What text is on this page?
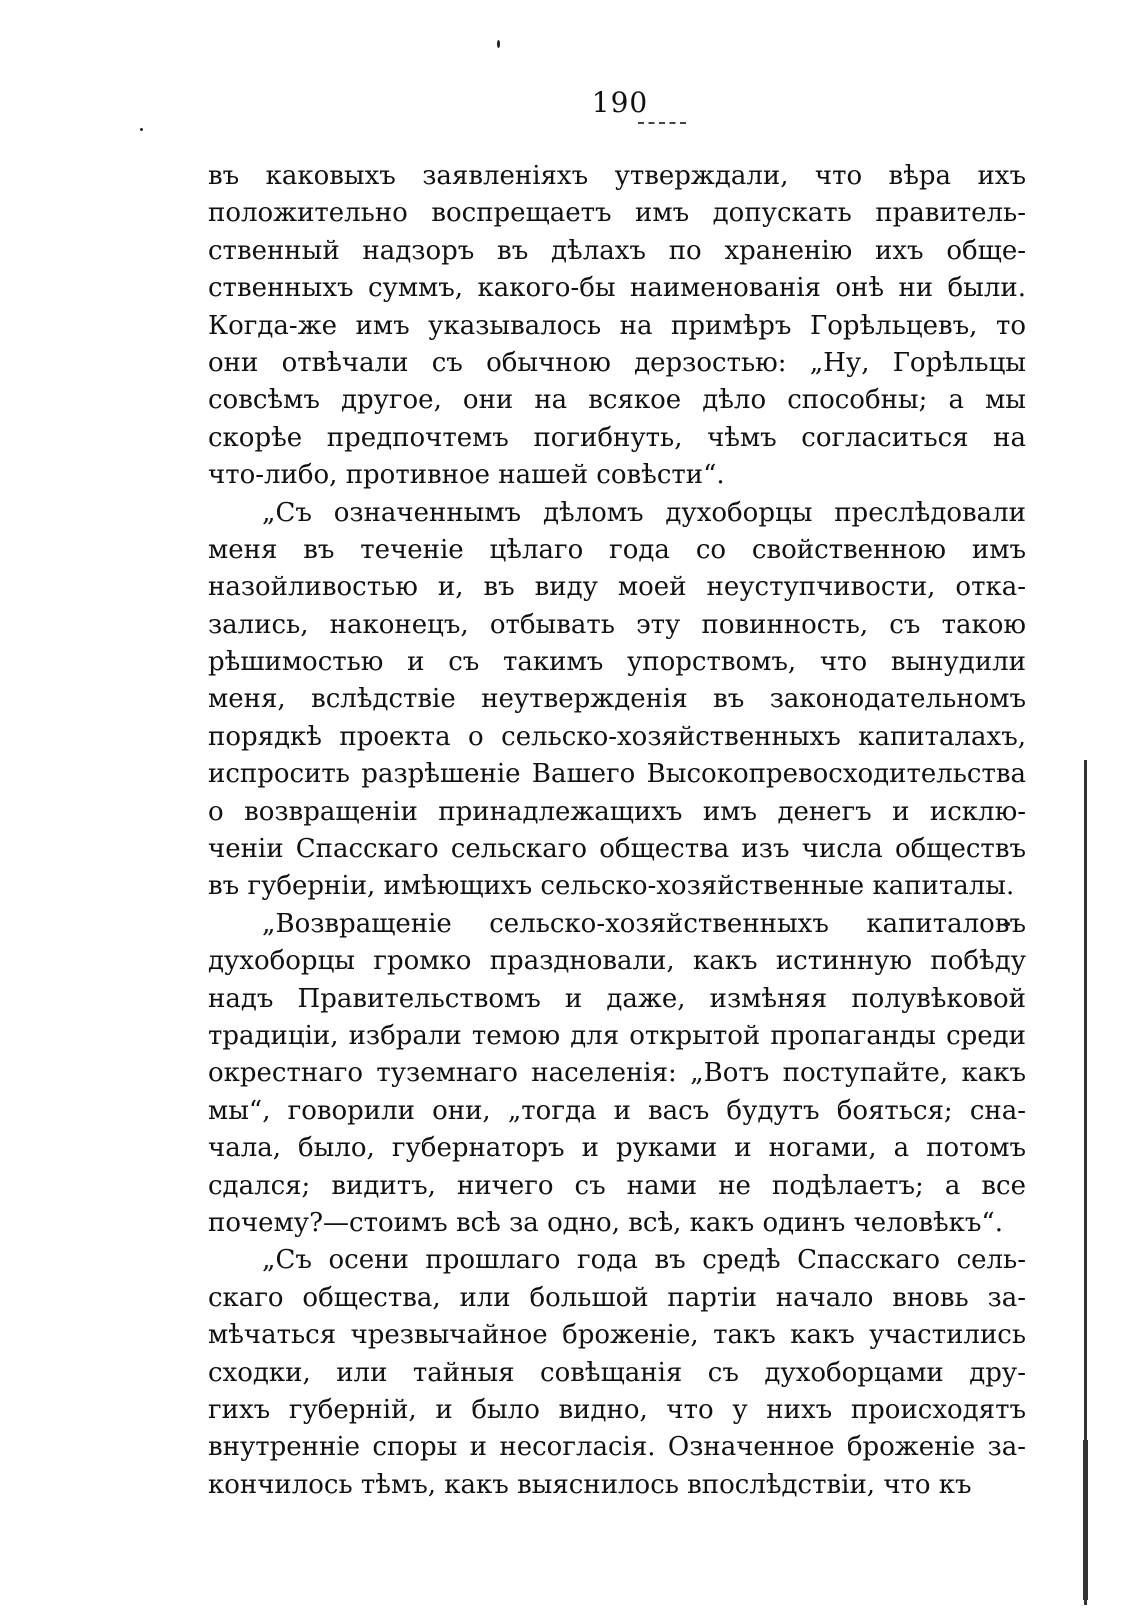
190
въ каковыхъ заявленіяхъ утверждали, что вѣра ихъ
положительно воспрещаетъ имъ допускать правитель-
ственный надзоръ въ дѣлахъ по храненію ихъ обще-
ственныхъ суммъ, какого-бы наименованія онѣ ни были.
Когда-же имъ указывалось на примѣръ Горѣльцевъ, то
они отвѣчали съ обычною дерзостью: „Ну, Горѣльцы
совсѣмъ другое, они на всякое дѣло способны; а мы
скорѣе предпочтемъ погибнуть, чѣмъ согласиться на
что-либо, противное нашей совѣсти“.
„Съ означеннымъ дѣломъ духоборцы преслѣдовали
меня въ теченіе цѣлаго года со свойственною имъ
назойливостью и, въ виду моей неуступчивости, отка-
зались, наконецъ, отбывать эту повинность, съ такою
рѣшимостью и съ такимъ упорствомъ, что вынудили
меня, вслѣдствіе неутвержденія въ законодательномъ
порядкѣ проекта о сельско-хозяйственныхъ капиталахъ,
испросить разрѣшеніе Вашего Высокопревосходительства
о возвращеніи принадлежащихъ имъ денегъ и исклю-
ченіи Спасскаго сельскаго общества изъ числа обществъ
въ губерніи, имѣющихъ сельско-хозяйственные капиталы.
„Возвращеніе сельско-хозяйственныхъ капиталовъ
духоборцы громко праздновали, какъ истинную побѣду
надъ Правительствомъ и даже, измѣняя полувѣковой
традиціи, избрали темою для открытой пропаганды среди
окрестнаго туземнаго населенія: „Вотъ поступайте, какъ
мы“, говорили они, „тогда и васъ будутъ бояться; сна-
чала, было, губернаторъ и руками и ногами, а потомъ
сдался; видитъ, ничего съ нами не подѣлаетъ; а все
почему?—стоимъ всѣ за одно, всѣ, какъ одинъ человѣкъ“.
„Съ осени прошлаго года въ средѣ Спасскаго сель-
скаго общества, или большой партіи начало вновь за-
мѣчаться чрезвычайное броженіе, такъ какъ участились
сходки, или тайныя совѣщанія съ духоборцами дру-
гихъ губерній, и было видно, что у нихъ происходятъ
внутренніе споры и несогласія. Означенное броженіе за-
кончилось тѣмъ, какъ выяснилось впослѣдствіи, что къ
